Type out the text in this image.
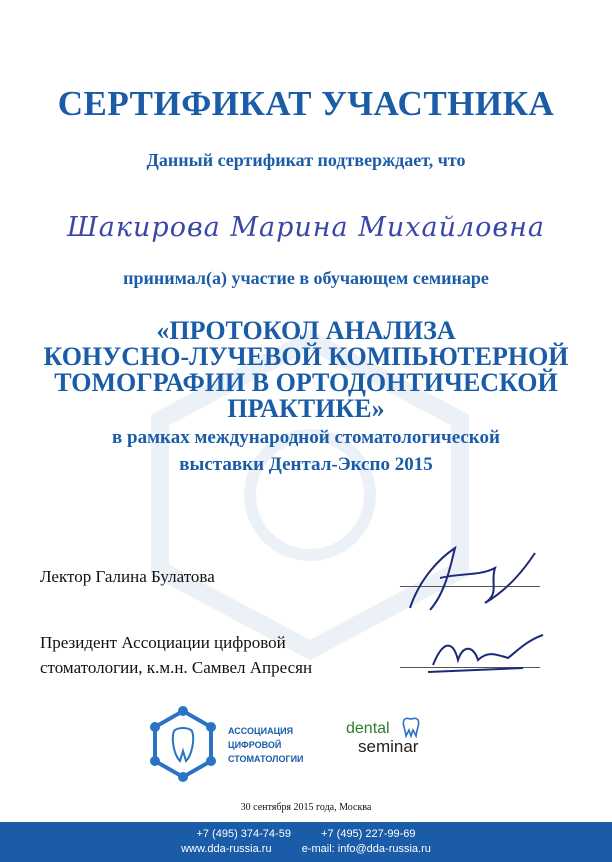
СЕРТИФИКАТ УЧАСТНИКА
Данный сертификат подтверждает, что
Шакирова Марина Михайловна
принимал(а) участие в обучающем семинаре
«ПРОТОКОЛ АНАЛИЗА
КОНУСНО-ЛУЧЕВОЙ КОМПЬЮТЕРНОЙ
ТОМОГРАФИИ В ОРТОДОНТИЧЕСКОЙ
ПРАКТИКЕ»
в рамках международной стоматологической
выставки Дентал-Экспо 2015
Лектор Галина Булатова
Президент Ассоциации цифровой
стоматологии, к.м.н. Самвел Апресян
АССОЦИАЦИЯ
ЦИФРОВОЙ
СТОМАТОЛОГИИ
dental
seminar
30 сентября 2015 года, Москва
+7 (495) 374-74-59	+7 (495) 227-99-69
www.dda-russia.ru	e-mail: info@dda-russia.ru
